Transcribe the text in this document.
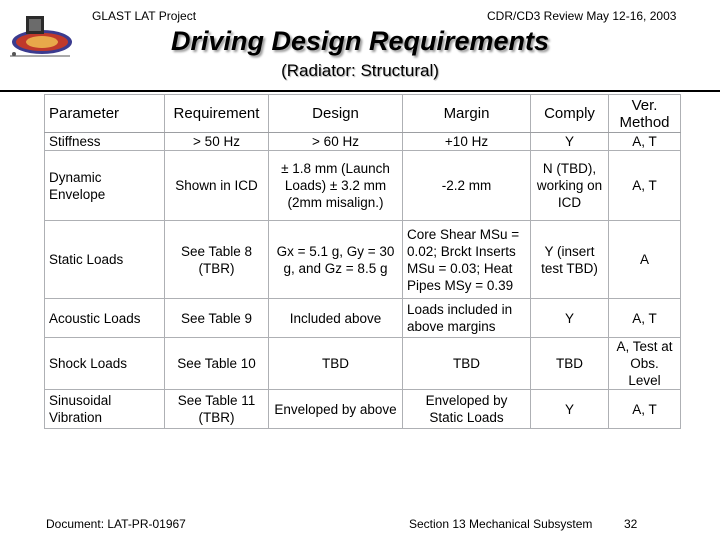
GLAST LAT Project	CDR/CD3 Review May 12-16, 2003
Driving Design Requirements
(Radiator: Structural)
Parameter	Requirement	Design	Margin	Comply	Ver. Method
Stiffness	> 50 Hz	> 60 Hz	+10 Hz	Y	A, T
Dynamic Envelope	Shown in ICD	± 1.8 mm (Launch Loads) ± 3.2 mm (2mm misalign.)	-2.2 mm	N (TBD), working on ICD	A, T
Static Loads	See Table 8 (TBR)	Gx = 5.1 g, Gy = 30 g, and Gz = 8.5 g	Core Shear MSu = 0.02; Brckt Inserts MSu = 0.03; Heat Pipes MSy = 0.39	Y (insert test TBD)	A
Acoustic Loads	See Table 9	Included above	Loads included in above margins	Y	A, T
Shock Loads	See Table 10	TBD	TBD	TBD	A, Test at Obs. Level
Sinusoidal Vibration	See Table 11 (TBR)	Enveloped by above	Enveloped by Static Loads	Y	A, T
Document: LAT-PR-01967	Section 13 Mechanical Subsystem	32
